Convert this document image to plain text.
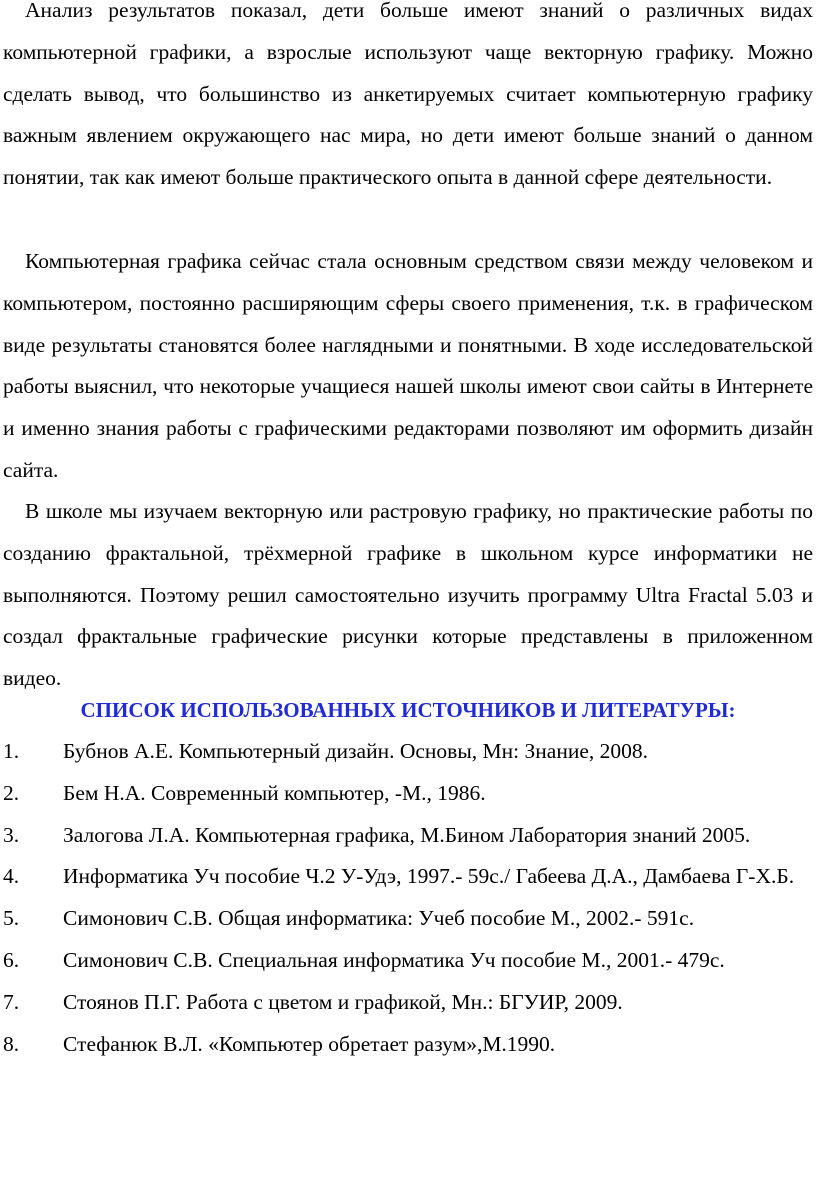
Анализ результатов показал, дети больше имеют знаний о различных видах компьютерной графики, а взрослые используют чаще векторную графику. Можно сделать вывод, что большинство из анкетируемых считает компьютерную графику важным явлением окружающего нас мира, но дети имеют больше знаний о данном понятии, так как имеют больше практического опыта в данной сфере деятельности.

Компьютерная графика сейчас стала основным средством связи между человеком и компьютером, постоянно расширяющим сферы своего применения, т.к. в графическом виде результаты становятся более наглядными и понятными. В ходе исследовательской работы выяснил, что некоторые учащиеся нашей школы имеют свои сайты в Интернете и именно знания работы с графическими редакторами позволяют им оформить дизайн сайта.

В школе мы изучаем векторную или растровую графику, но практические работы по созданию фрактальной, трёхмерной графике в школьном курсе информатики не выполняются. Поэтому решил самостоятельно изучить программу Ultra Fractal 5.03 и создал фрактальные графические рисунки которые представлены в приложенном видео.

СПИСОК ИСПОЛЬЗОВАННЫХ ИСТОЧНИКОВ И ЛИТЕРАТУРЫ:
1.	Бубнов А.Е. Компьютерный дизайн. Основы, Мн: Знание, 2008.
2.	Бем Н.А. Современный компьютер, -М., 1986.
3.	Залогова Л.А. Компьютерная графика, М.Бином Лаборатория знаний 2005.
4.	Информатика Уч пособие Ч.2 У-Удэ, 1997.- 59с./ Габеева Д.А., Дамбаева Г-Х.Б.
5.	Симонович С.В. Общая информатика: Учеб пособие М., 2002.- 591с.
6.	Симонович С.В. Специальная информатика Уч пособие М., 2001.- 479с.
7.	Стоянов П.Г. Работа с цветом и графикой, Мн.: БГУИР, 2009.
8.	Стефанюк В.Л. «Компьютер обретает разум»,М.1990.
